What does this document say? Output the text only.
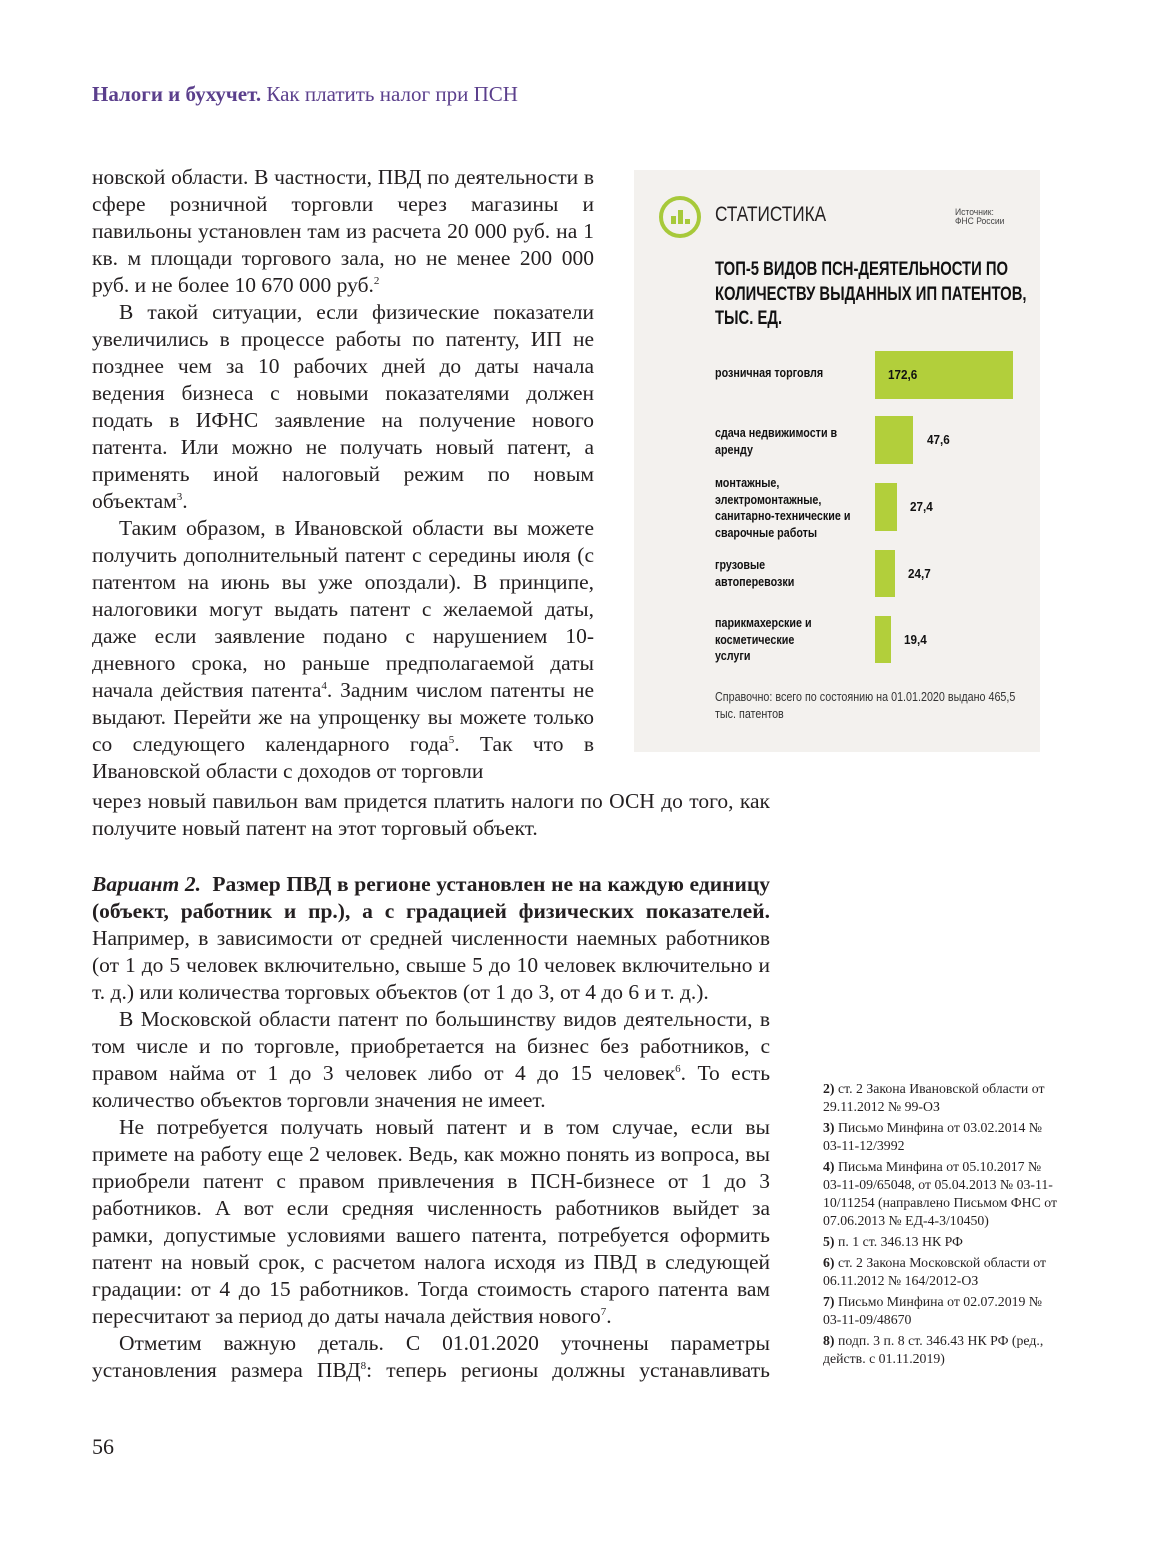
Налоги и бухучет. Как платить налог при ПСН

новской области. В частности, ПВД по деятельности в сфере розничной торговли через магазины и павильоны установлен там из расчета 20 000 руб. на 1 кв. м площади торгового зала, но не менее 200 000 руб. и не более 10 670 000 руб.$^2$

В такой ситуации, если физические показатели увеличились в процессе работы по патенту, ИП не позднее чем за 10 рабочих дней до даты начала ведения бизнеса с новыми показателями должен подать в ИФНС заявление на получение нового патента. Или можно не получать новый патент, а применять иной налоговый режим по новым объектам$^3$.

Таким образом, в Ивановской области вы можете получить дополнительный патент с середины июля (с патентом на июнь вы уже опоздали). В принципе, налоговики могут выдать патент с желаемой даты, даже если заявление подано с нарушением 10-дневного срока, но раньше предполагаемой даты начала действия патента$^4$. Задним числом патенты не выдают. Перейти же на упрощенку вы можете только со следующего календарного года$^5$. Так что в Ивановской области с доходов от торговли

через новый павильон вам придется платить налоги по ОСН до того, как получите новый патент на этот торговый объект.

Вариант 2. Размер ПВД в регионе установлен не на каждую единицу (объект, работник и пр.), а с градацией физических показателей. Например, в зависимости от средней численности наемных работников (от 1 до 5 человек включительно, свыше 5 до 10 человек включительно и т. д.) или количества торговых объектов (от 1 до 3, от 4 до 6 и т. д.).

В Московской области патент по большинству видов деятельности, в том числе и по торговле, приобретается на бизнес без работников, с правом найма от 1 до 3 человек либо от 4 до 15 человек$^6$. То есть количество объектов торговли значения не имеет.

Не потребуется получать новый патент и в том случае, если вы примете на работу еще 2 человек. Ведь, как можно понять из вопроса, вы приобрели патент с правом привлечения в ПСН-бизнесе от 1 до 3 работников. А вот если средняя численность работников выйдет за рамки, допустимые условиями вашего патента, потребуется оформить патент на новый срок, с расчетом налога исходя из ПВД в следующей градации: от 4 до 15 работников. Тогда стоимость старого патента вам пересчитают за период до даты начала действия нового$^7$.

Отметим важную деталь. С 01.01.2020 уточнены параметры установления размера ПВД$^8$: теперь регионы должны устанавливать

СТАТИСТИКА	Источник:
ФНС России
ТОП-5 ВИДОВ ПСН-ДЕЯТЕЛЬНОСТИ ПО КОЛИЧЕСТВУ ВЫДАННЫХ ИП ПАТЕНТОВ, ТЫС. ЕД.
розничная торговля	172,6
сдача недвижимости в аренду
47,6
монтажные, электромонтажные, санитарно-технические и сварочные работы
27,4
грузовые автоперевозки
24,7
парикмахерские и косметические услуги
19,4
Справочно: всего по состоянию на 01.01.2020 выдано 465,5 тыс. патентов
2) ст. 2 Закона Ивановской области от 29.11.2012 № 99-ОЗ
3) Письмо Минфина от 03.02.2014 № 03-11-12/3992
4) Письма Минфина от 05.10.2017 № 03-11-09/65048, от 05.04.2013 № 03-11-10/11254 (направлено Письмом ФНС от 07.06.2013 № ЕД-4-3/10450)
5) п. 1 ст. 346.13 НК РФ
6) ст. 2 Закона Московской области от 06.11.2012 № 164/2012-ОЗ
7) Письмо Минфина от 02.07.2019 № 03-11-09/48670
8) подп. 3 п. 8 ст. 346.43 НК РФ (ред., действ. с 01.11.2019)
56
